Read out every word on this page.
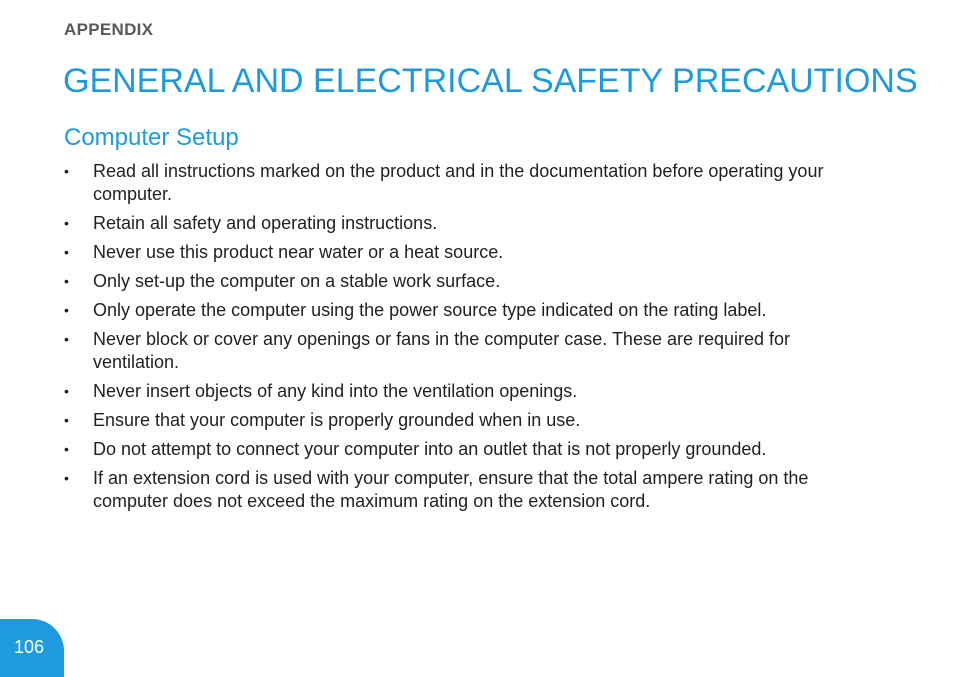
APPENDIX
GENERAL AND ELECTRICAL SAFETY PRECAUTIONS
Computer Setup
• Read all instructions marked on the product and in the documentation before operating your computer.
• Retain all safety and operating instructions.
• Never use this product near water or a heat source.
• Only set-up the computer on a stable work surface.
• Only operate the computer using the power source type indicated on the rating label.
• Never block or cover any openings or fans in the computer case. These are required for ventilation.
• Never insert objects of any kind into the ventilation openings.
• Ensure that your computer is properly grounded when in use.
• Do not attempt to connect your computer into an outlet that is not properly grounded.
• If an extension cord is used with your computer, ensure that the total ampere rating on the computer does not exceed the maximum rating on the extension cord.
106
